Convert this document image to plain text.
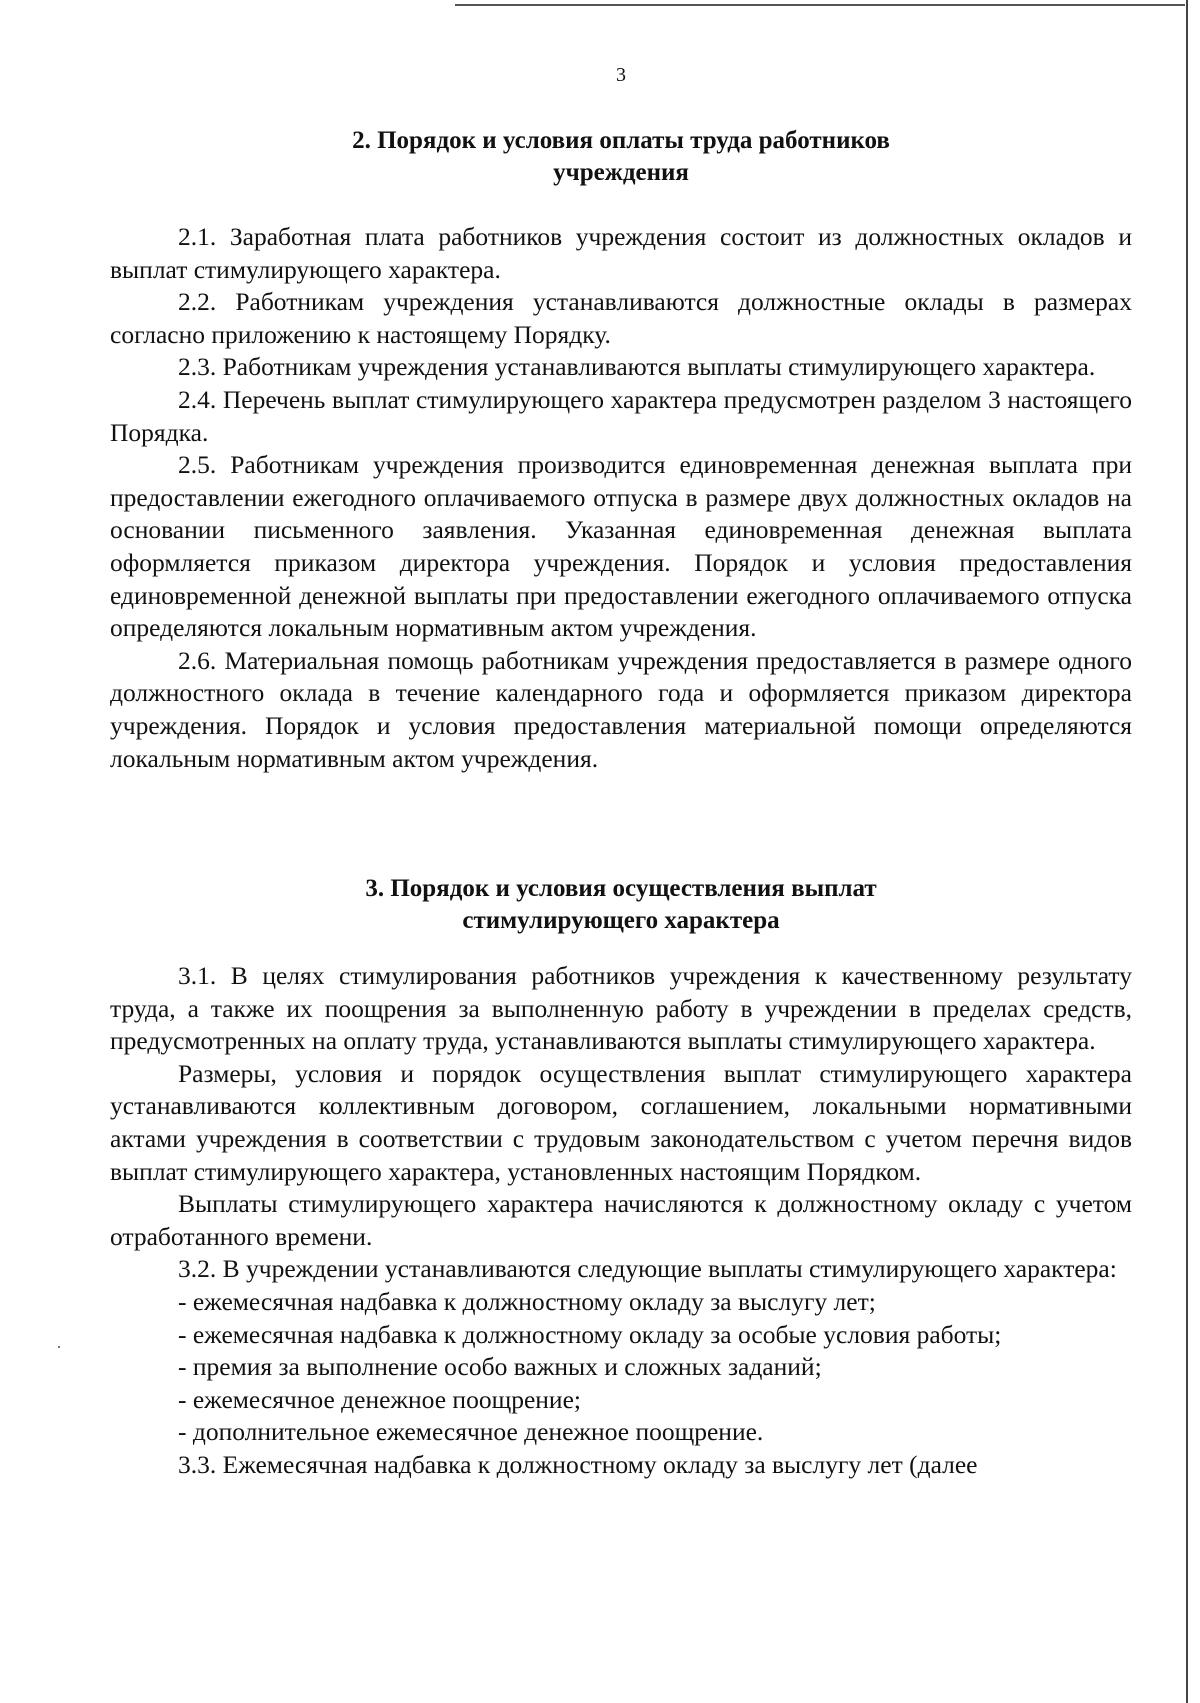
3
2. Порядок и условия оплаты труда работников
учреждения

2.1. Заработная плата работников учреждения состоит из должностных окладов и выплат стимулирующего характера.

2.2. Работникам учреждения устанавливаются должностные оклады в размерах согласно приложению к настоящему Порядку.

2.3. Работникам учреждения устанавливаются выплаты стимулирующего характера.

2.4. Перечень выплат стимулирующего характера предусмотрен разделом 3 настоящего Порядка.

2.5. Работникам учреждения производится единовременная денежная выплата при предоставлении ежегодного оплачиваемого отпуска в размере двух должностных окладов на основании письменного заявления. Указанная единовременная денежная выплата оформляется приказом директора учреждения. Порядок и условия предоставления единовременной денежной выплаты при предоставлении ежегодного оплачиваемого отпуска определяются локальным нормативным актом учреждения.

2.6. Материальная помощь работникам учреждения предоставляется в размере одного должностного оклада в течение календарного года и оформляется приказом директора учреждения. Порядок и условия предоставления материальной помощи определяются локальным нормативным актом учреждения.

3. Порядок и условия осуществления выплат
стимулирующего характера

3.1. В целях стимулирования работников учреждения к качественному результату труда, а также их поощрения за выполненную работу в учреждении в пределах средств, предусмотренных на оплату труда, устанавливаются выплаты стимулирующего характера.

Размеры, условия и порядок осуществления выплат стимулирующего характера устанавливаются коллективным договором, соглашением, локальными нормативными актами учреждения в соответствии с трудовым законодательством с учетом перечня видов выплат стимулирующего характера, установленных настоящим Порядком.

Выплаты стимулирующего характера начисляются к должностному окладу с учетом отработанного времени.

3.2. В учреждении устанавливаются следующие выплаты стимулирующего характера:

- ежемесячная надбавка к должностному окладу за выслугу лет;

- ежемесячная надбавка к должностному окладу за особые условия работы;

- премия за выполнение особо важных и сложных заданий;

- ежемесячное денежное поощрение;

- дополнительное ежемесячное денежное поощрение.

3.3. Ежемесячная надбавка к должностному окладу за выслугу лет (далее
